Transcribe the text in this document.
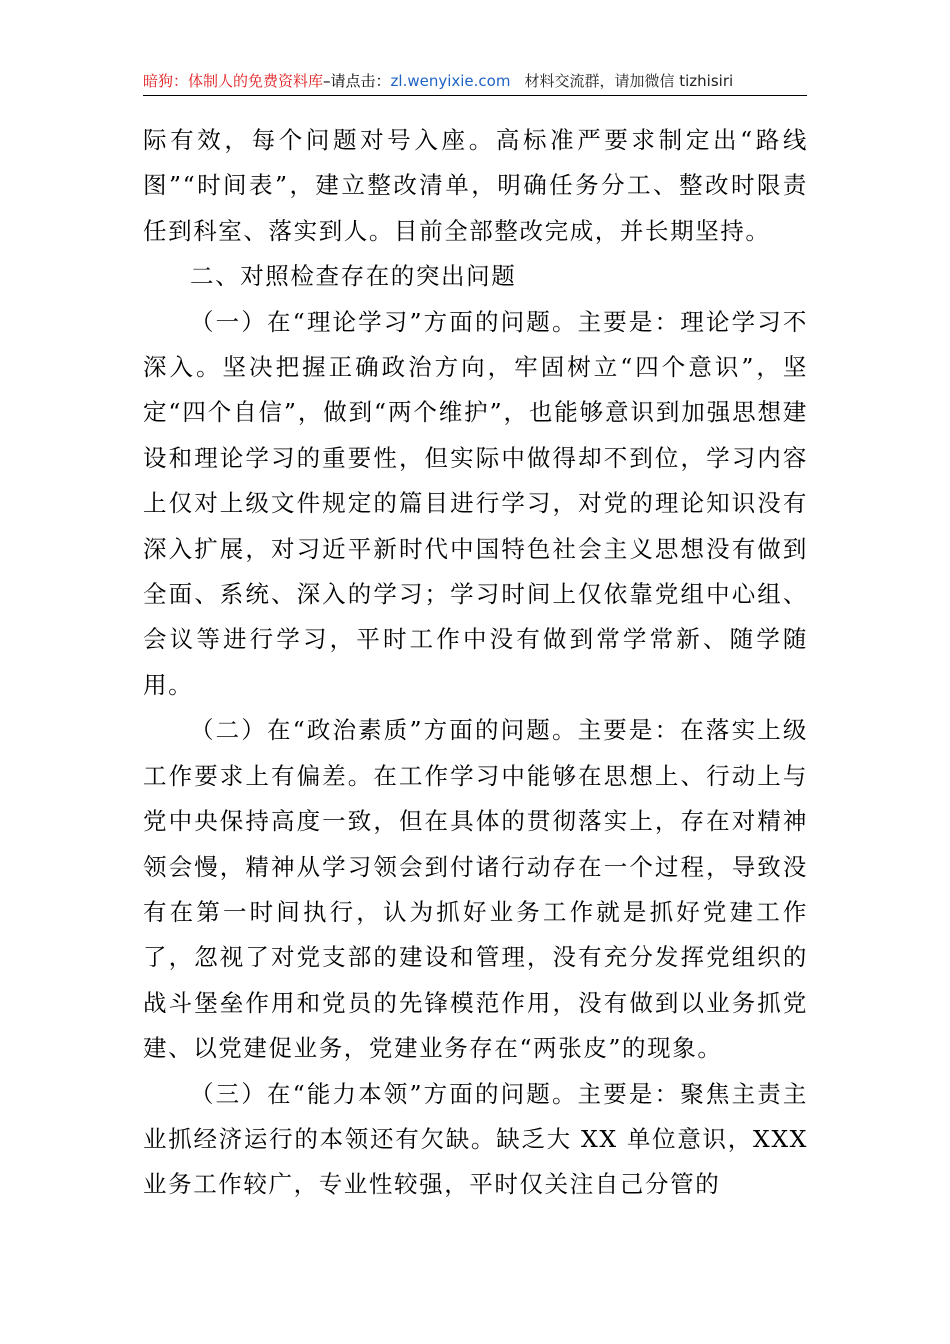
暗狗：体制人的免费资料库–请点击：zl.wenyixie.com 材料交流群，请加微信 tizhisiri

际有效，每个问题对号入座。高标准严要求制定出“路线图”“时间表”，建立整改清单，明确任务分工、整改时限责任到科室、落实到人。目前全部整改完成，并长期坚持。

二、对照检查存在的突出问题

（一）在“理论学习”方面的问题。主要是：理论学习不深入。坚决把握正确政治方向，牢固树立“四个意识”，坚定“四个自信”，做到“两个维护”，也能够意识到加强思想建设和理论学习的重要性，但实际中做得却不到位，学习内容上仅对上级文件规定的篇目进行学习，对党的理论知识没有深入扩展，对习近平新时代中国特色社会主义思想没有做到全面、系统、深入的学习；学习时间上仅依靠党组中心组、会议等进行学习，平时工作中没有做到常学常新、随学随用。

（二）在“政治素质”方面的问题。主要是：在落实上级工作要求上有偏差。在工作学习中能够在思想上、行动上与党中央保持高度一致，但在具体的贯彻落实上，存在对精神领会慢，精神从学习领会到付诸行动存在一个过程，导致没有在第一时间执行，认为抓好业务工作就是抓好党建工作了，忽视了对党支部的建设和管理，没有充分发挥党组织的战斗堡垒作用和党员的先锋模范作用，没有做到以业务抓党建、以党建促业务，党建业务存在“两张皮”的现象。

（三）在“能力本领”方面的问题。主要是：聚焦主责主业抓经济运行的本领还有欠缺。缺乏大 XX 单位意识，XXX 业务工作较广，专业性较强，平时仅关注自己分管的
